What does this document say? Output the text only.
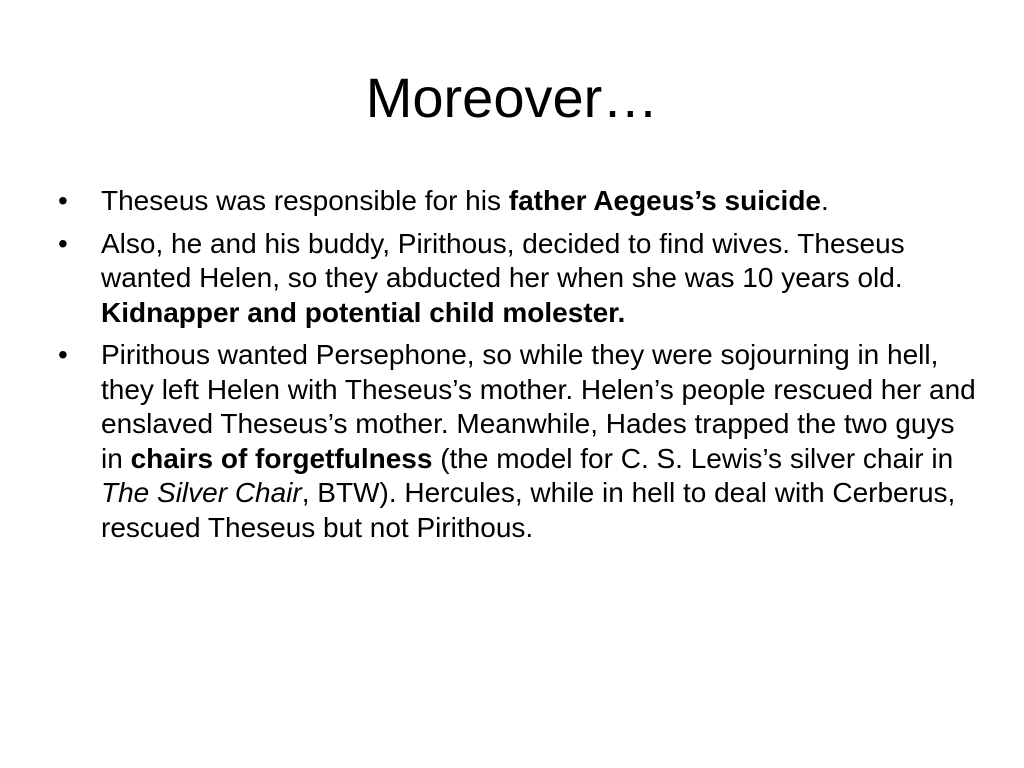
Moreover…
•	Theseus was responsible for his father Aegeus’s suicide.
•	Also, he and his buddy, Pirithous, decided to find wives. Theseus wanted Helen, so they abducted her when she was 10 years old. Kidnapper and potential child molester.
•	Pirithous wanted Persephone, so while they were sojourning in hell, they left Helen with Theseus’s mother. Helen’s people rescued her and enslaved Theseus’s mother. Meanwhile, Hades trapped the two guys in chairs of forgetfulness (the model for C. S. Lewis’s silver chair in The Silver Chair, BTW). Hercules, while in hell to deal with Cerberus, rescued Theseus but not Pirithous.
